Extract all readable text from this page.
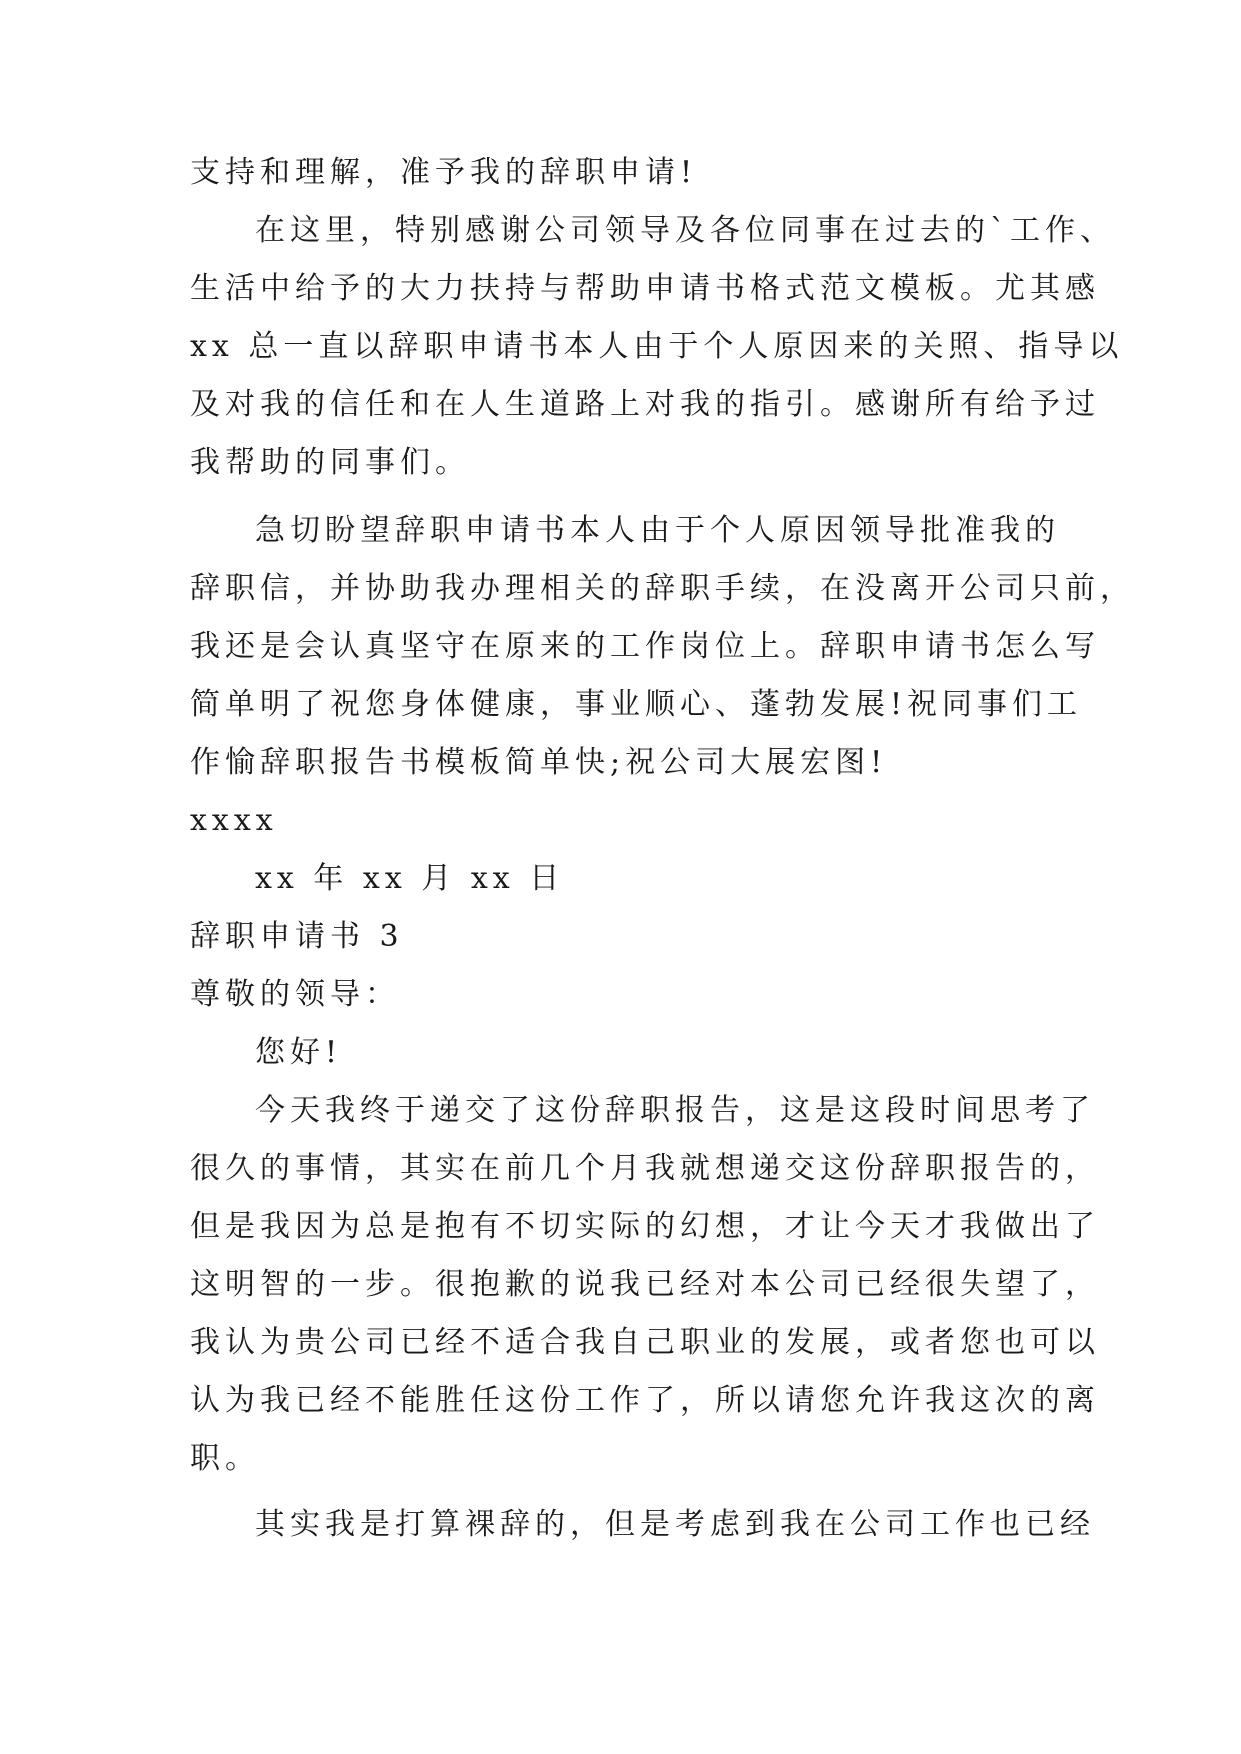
支持和理解，准予我的辞职申请!
在这里，特别感谢公司领导及各位同事在过去的`工作、
生活中给予的大力扶持与帮助申请书格式范文模板。尤其感
xx 总一直以辞职申请书本人由于个人原因来的关照、指导以
及对我的信任和在人生道路上对我的指引。感谢所有给予过
我帮助的同事们。
急切盼望辞职申请书本人由于个人原因领导批准我的
辞职信，并协助我办理相关的辞职手续，在没离开公司只前，
我还是会认真坚守在原来的工作岗位上。辞职申请书怎么写
简单明了祝您身体健康，事业顺心、蓬勃发展!祝同事们工
作愉辞职报告书模板简单快;祝公司大展宏图!
xxxx
xx 年 xx 月 xx 日
辞职申请书 3
尊敬的领导：
您好!
今天我终于递交了这份辞职报告，这是这段时间思考了
很久的事情，其实在前几个月我就想递交这份辞职报告的，
但是我因为总是抱有不切实际的幻想，才让今天才我做出了
这明智的一步。很抱歉的说我已经对本公司已经很失望了，
我认为贵公司已经不适合我自己职业的发展，或者您也可以
认为我已经不能胜任这份工作了，所以请您允许我这次的离
职。
其实我是打算裸辞的，但是考虑到我在公司工作也已经
